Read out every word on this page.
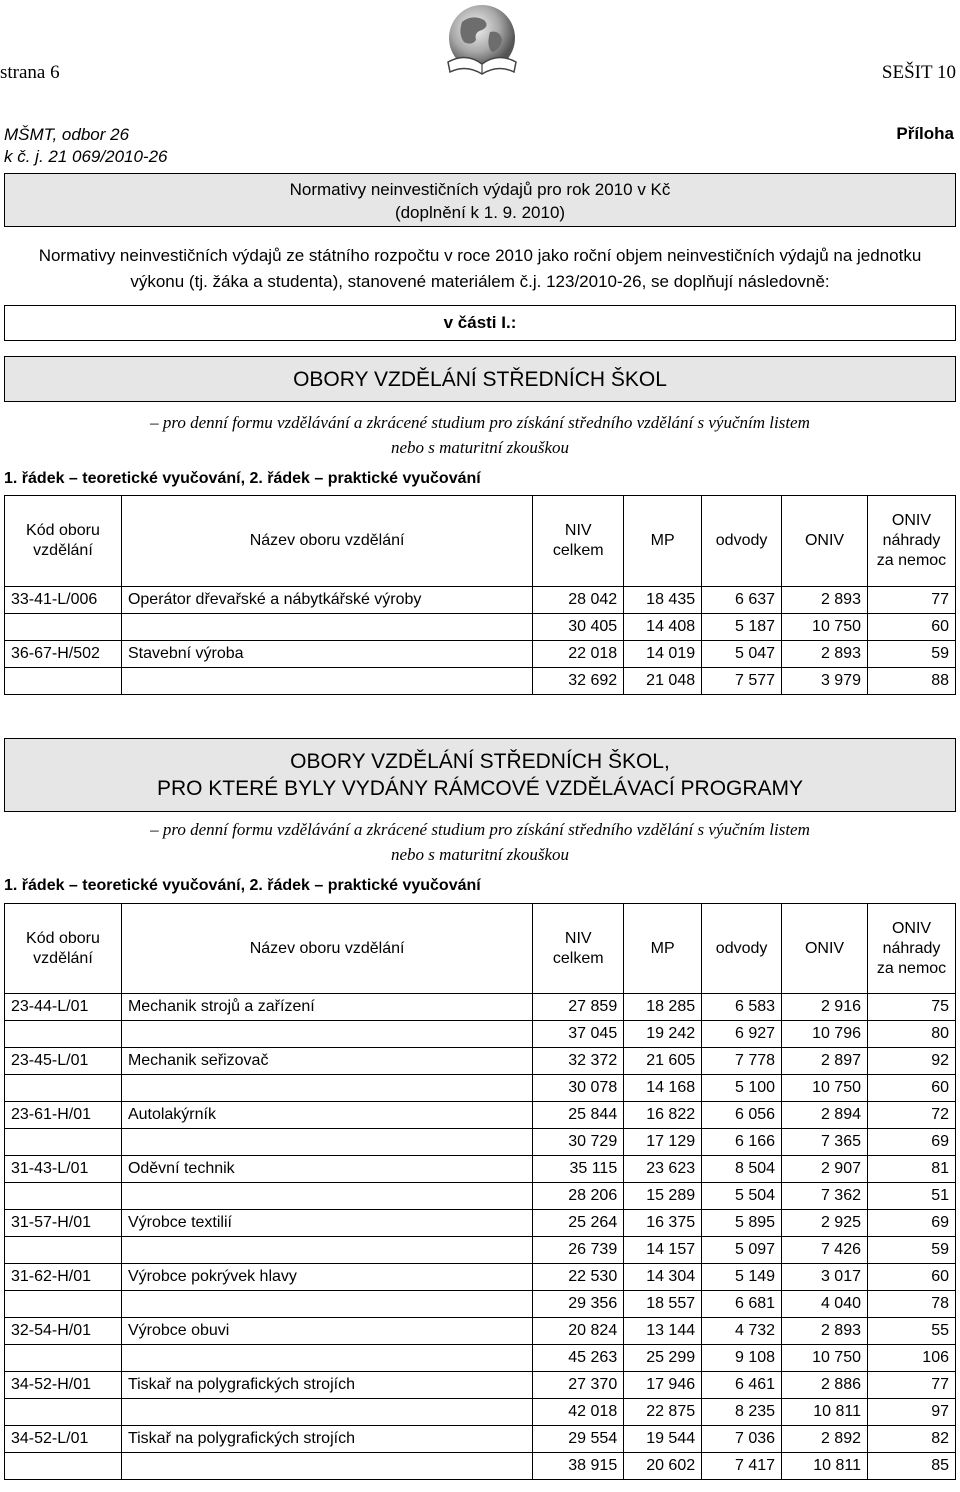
strana 6	SEŠIT 10
MŠMT, odbor 26
k č. j. 21 069/2010-26
Příloha
Normativy neinvestičních výdajů pro rok 2010 v Kč
(doplnění k 1. 9. 2010)
Normativy neinvestičních výdajů ze státního rozpočtu v roce 2010 jako roční objem neinvestičních výdajů na jednotku
výkonu (tj. žáka a studenta), stanovené materiálem č.j. 123/2010-26, se doplňují následovně:
v části I.:
OBORY VZDĚLÁNÍ STŘEDNÍCH ŠKOL
– pro denní formu vzdělávání a zkrácené studium pro získání středního vzdělání s výučním listem
nebo s maturitní zkouškou
1. řádek – teoretické vyučování, 2. řádek – praktické vyučování
Kód oboru vzdělání	Název oboru vzdělání	NIV celkem	MP	odvody	ONIV	ONIV náhrady za nemoc
33-41-L/006	Operátor dřevařské a nábytkářské výroby	28 042	18 435	6 637	2 893	77
		30 405	14 408	5 187	10 750	60
36-67-H/502	Stavební výroba	22 018	14 019	5 047	2 893	59
		32 692	21 048	7 577	3 979	88
OBORY VZDĚLÁNÍ STŘEDNÍCH ŠKOL,
PRO KTERÉ BYLY VYDÁNY RÁMCOVÉ VZDĚLÁVACÍ PROGRAMY
– pro denní formu vzdělávání a zkrácené studium pro získání středního vzdělání s výučním listem
nebo s maturitní zkouškou
1. řádek – teoretické vyučování, 2. řádek – praktické vyučování
Kód oboru vzdělání	Název oboru vzdělání	NIV celkem	MP	odvody	ONIV	ONIV náhrady za nemoc
23-44-L/01	Mechanik strojů a zařízení	27 859	18 285	6 583	2 916	75
		37 045	19 242	6 927	10 796	80
23-45-L/01	Mechanik seřizovač	32 372	21 605	7 778	2 897	92
		30 078	14 168	5 100	10 750	60
23-61-H/01	Autolakýrník	25 844	16 822	6 056	2 894	72
		30 729	17 129	6 166	7 365	69
31-43-L/01	Oděvní technik	35 115	23 623	8 504	2 907	81
		28 206	15 289	5 504	7 362	51
31-57-H/01	Výrobce textilií	25 264	16 375	5 895	2 925	69
		26 739	14 157	5 097	7 426	59
31-62-H/01	Výrobce pokrývek hlavy	22 530	14 304	5 149	3 017	60
		29 356	18 557	6 681	4 040	78
32-54-H/01	Výrobce obuvi	20 824	13 144	4 732	2 893	55
		45 263	25 299	9 108	10 750	106
34-52-H/01	Tiskař na polygrafických strojích	27 370	17 946	6 461	2 886	77
		42 018	22 875	8 235	10 811	97
34-52-L/01	Tiskař na polygrafických strojích	29 554	19 544	7 036	2 892	82
		38 915	20 602	7 417	10 811	85
